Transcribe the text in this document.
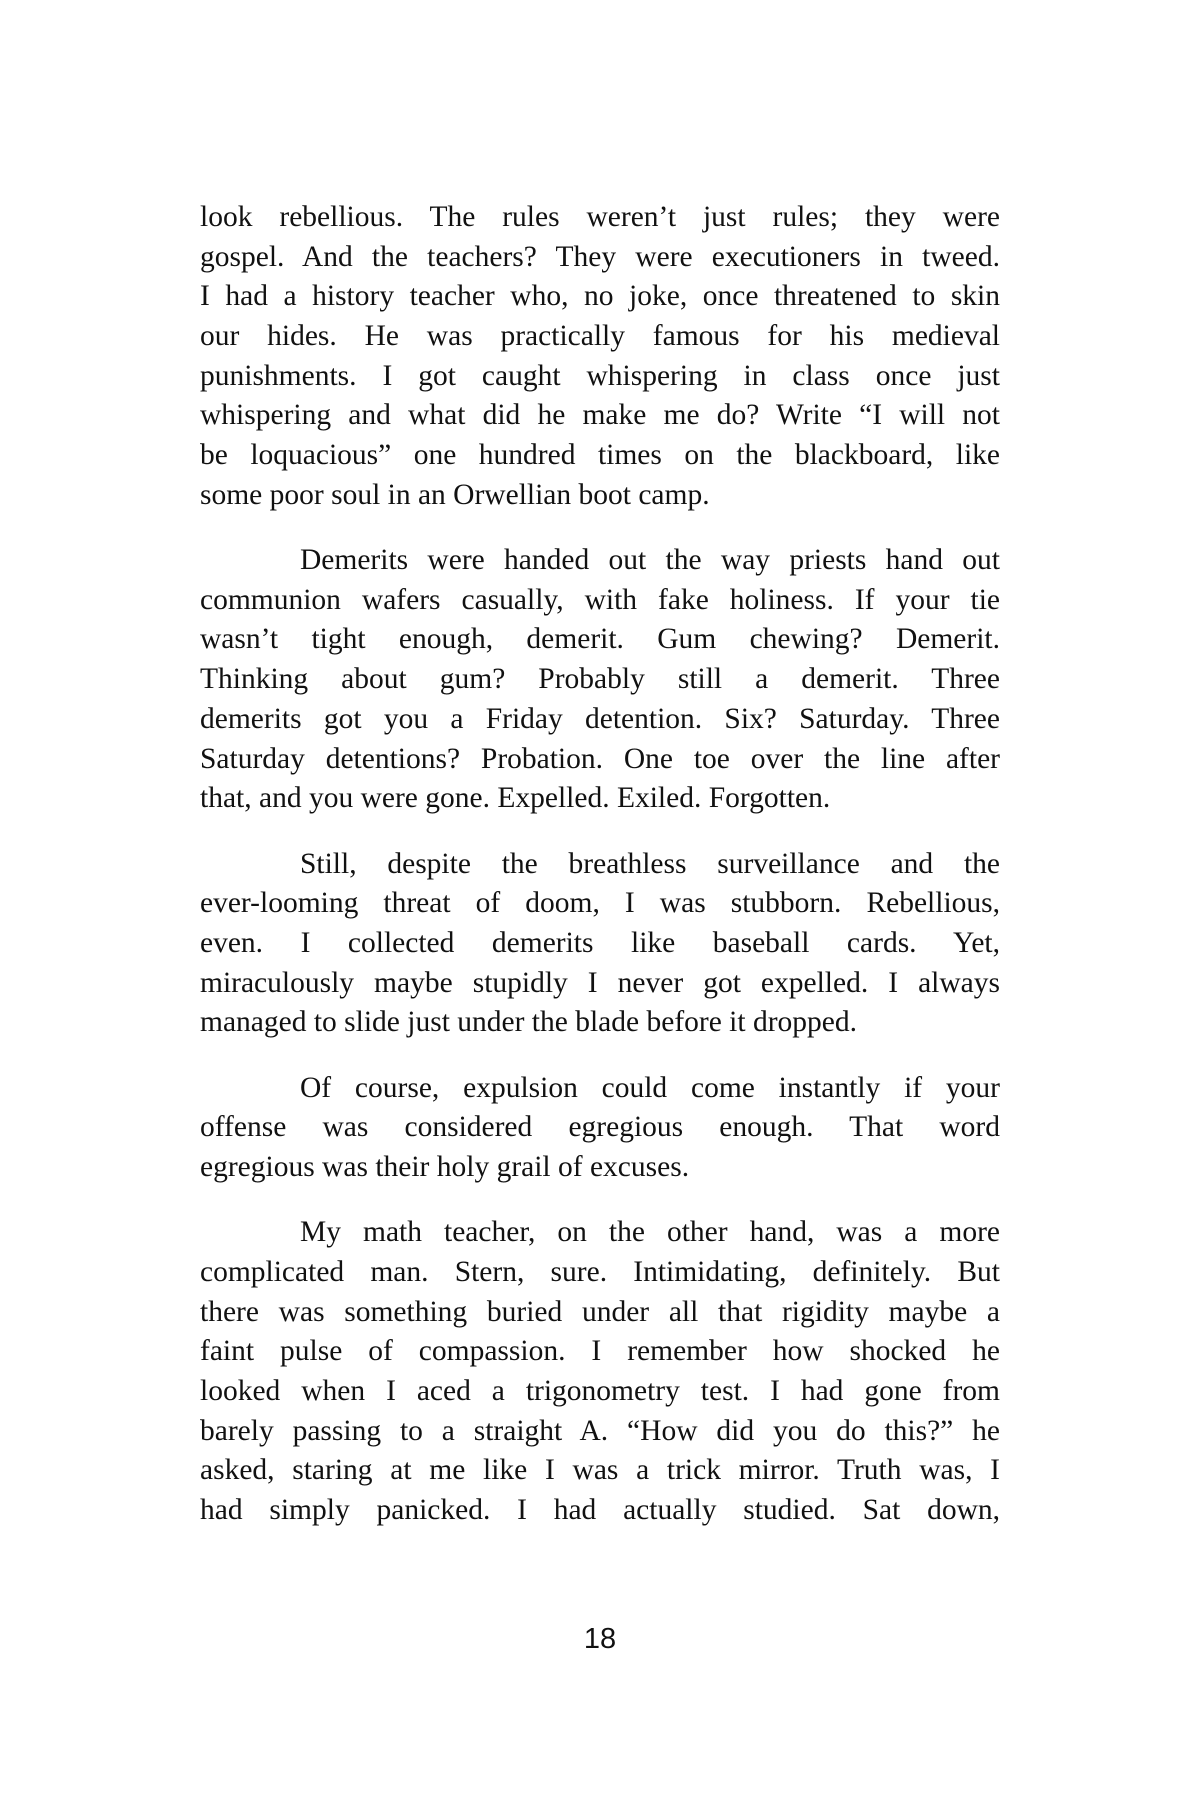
look rebellious. The rules weren’t just rules; they were
gospel. And the teachers? They were executioners in tweed.
I had a history teacher who, no joke, once threatened to skin
our hides. He was practically famous for his medieval
punishments. I got caught whispering in class once just
whispering and what did he make me do? Write “I will not
be loquacious” one hundred times on the blackboard, like
some poor soul in an Orwellian boot camp.
Demerits were handed out the way priests hand out
communion wafers casually, with fake holiness. If your tie
wasn’t tight enough, demerit. Gum chewing? Demerit.
Thinking about gum? Probably still a demerit. Three
demerits got you a Friday detention. Six? Saturday. Three
Saturday detentions? Probation. One toe over the line after
that, and you were gone. Expelled. Exiled. Forgotten.
Still, despite the breathless surveillance and the
ever-looming threat of doom, I was stubborn. Rebellious,
even. I collected demerits like baseball cards. Yet,
miraculously maybe stupidly I never got expelled. I always
managed to slide just under the blade before it dropped.
Of course, expulsion could come instantly if your
offense was considered egregious enough. That word
egregious was their holy grail of excuses.
My math teacher, on the other hand, was a more
complicated man. Stern, sure. Intimidating, definitely. But
there was something buried under all that rigidity maybe a
faint pulse of compassion. I remember how shocked he
looked when I aced a trigonometry test. I had gone from
barely passing to a straight A. “How did you do this?” he
asked, staring at me like I was a trick mirror. Truth was, I
had simply panicked. I had actually studied. Sat down,
18
